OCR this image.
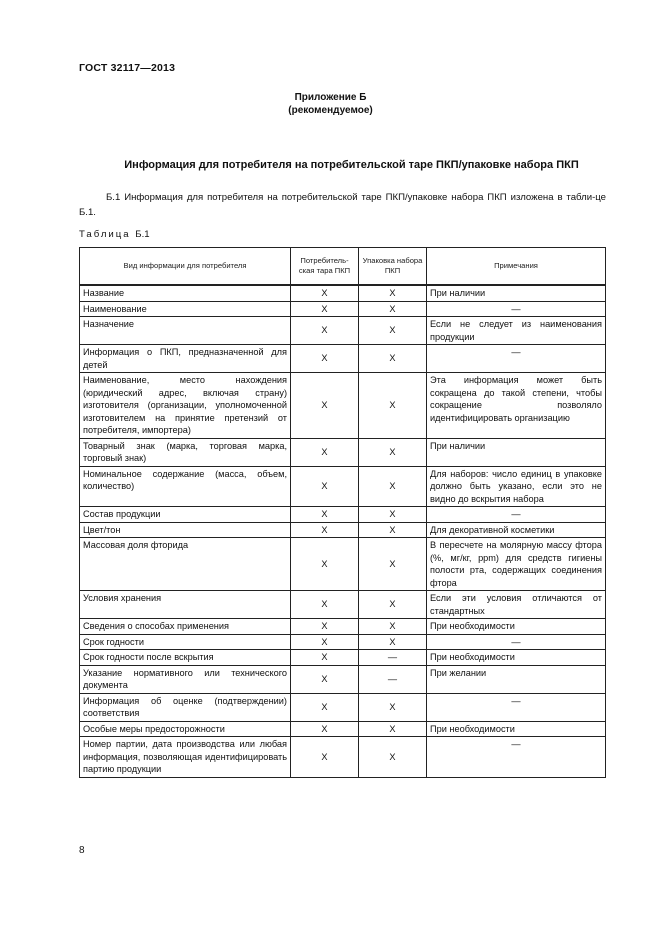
ГОСТ 32117—2013
Приложение Б
(рекомендуемое)
Информация для потребителя на потребительской таре ПКП/упаковке набора ПКП
Б.1 Информация для потребителя на потребительской таре ПКП/упаковке набора ПКП изложена в табли-це Б.1.
Таблица Б.1
Вид информации для потребителя	Потребитель-ская тара ПКП	Упаковка набора ПКП	Примечания
Название	X	X	При наличии
Наименование	X	X	—
Назначение	X	X	Если не следует из наименования продукции
Информация о ПКП, предназначенной для детей	X	X	—
Наименование, место нахождения (юридический адрес, включая страну) изготовителя (организации, уполномоченной изготовителем на принятие претензий от потребителя, импортера)	X	X	Эта информация может быть сокращена до такой степени, чтобы сокращение позволяло идентифицировать организацию
Товарный знак (марка, торговая марка, торговый знак)	X	X	При наличии
Номинальное содержание (масса, объем, количество)	X	X	Для наборов: число единиц в упаковке должно быть указано, если это не видно до вскрытия набора
Состав продукции	X	X	—
Цвет/тон	X	X	Для декоративной косметики
Массовая доля фторида	X	X	В пересчете на молярную массу фтора (%, мг/кг, ppm) для средств гигиены полости рта, содержащих соединения фтора
Условия хранения	X	X	Если эти условия отличаются от стандартных
Сведения о способах применения	X	X	При необходимости
Срок годности	X	X	—
Срок годности после вскрытия	X	—	При необходимости
Указание нормативного или технического документа	X	—	При желании
Информация об оценке (подтверждении) соответствия	X	X	—
Особые меры предосторожности	X	X	При необходимости
Номер партии, дата производства или любая информация, позволяющая идентифицировать партию продукции	X	X	—
8
